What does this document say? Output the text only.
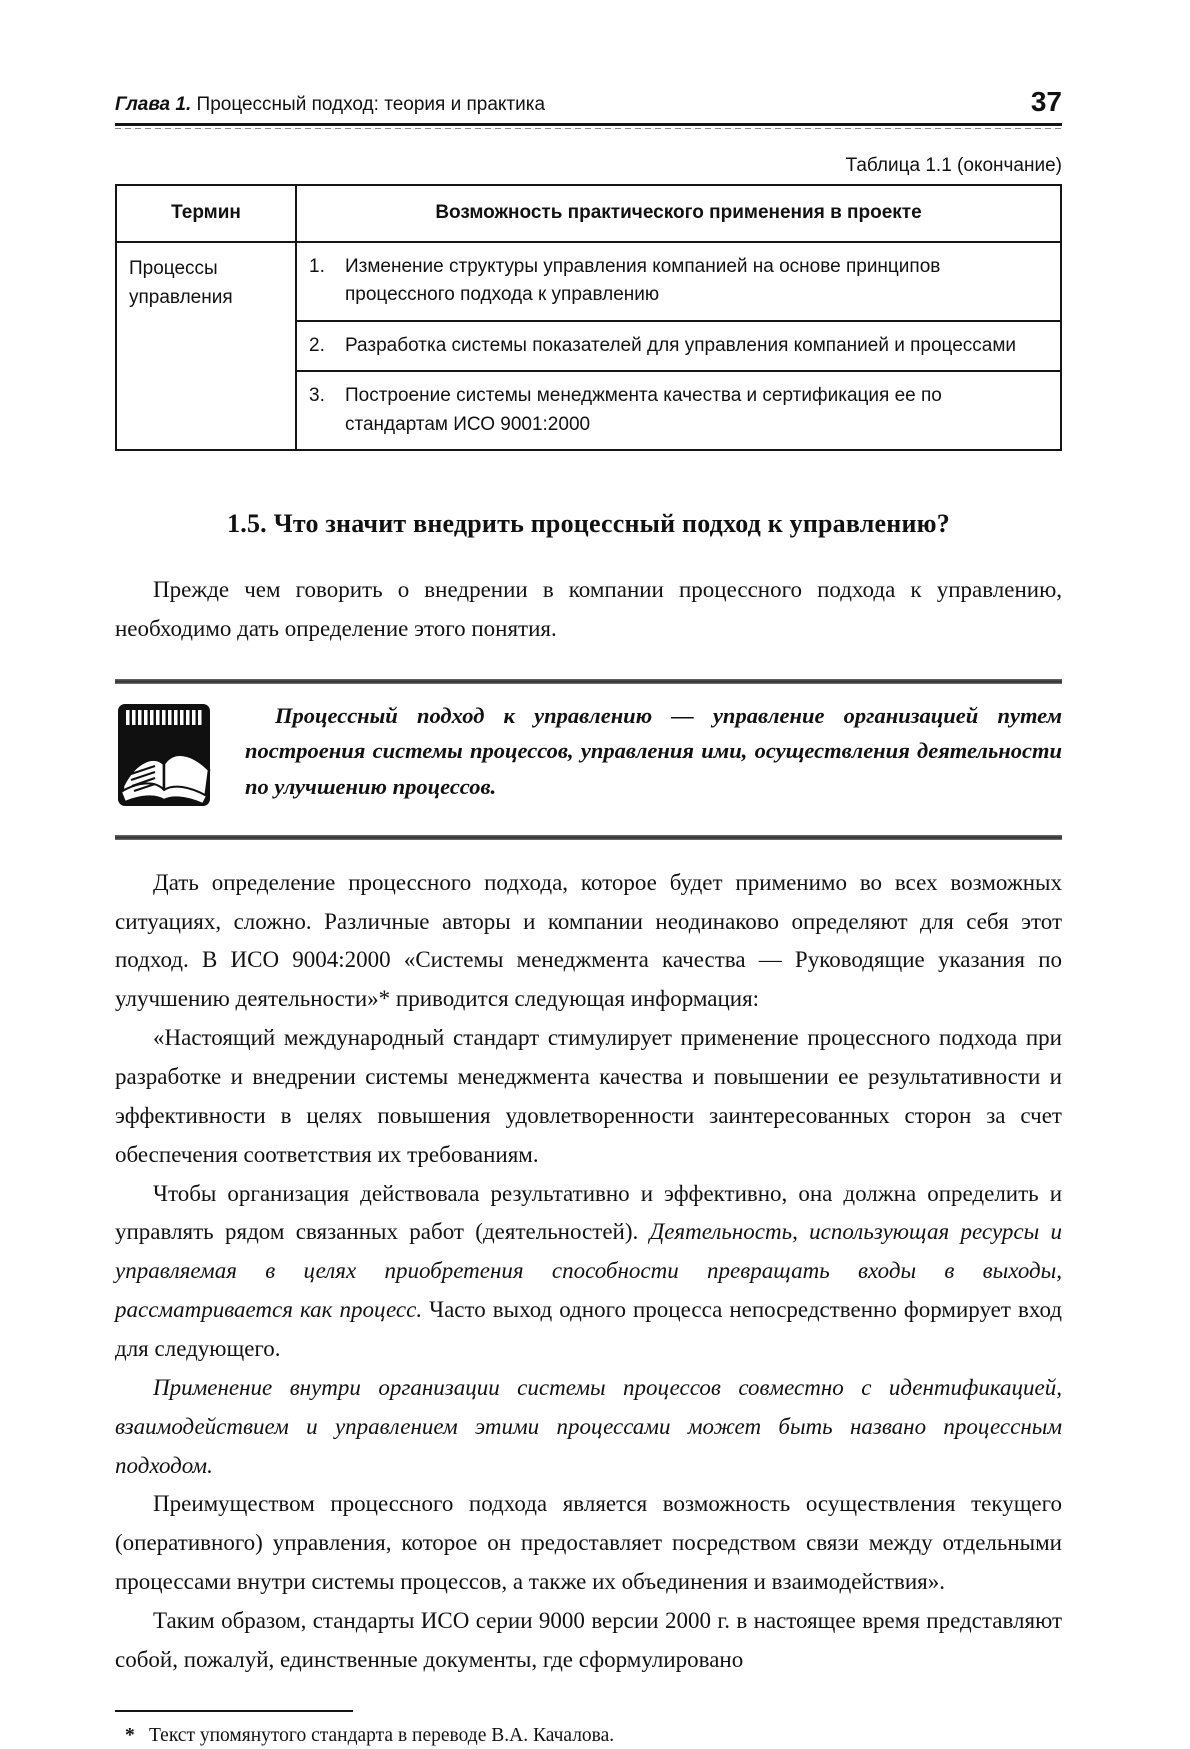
Глава 1. Процессный подход: теория и практика	37
Таблица 1.1 (окончание)
Термин	Возможность практического применения в проекте
Процессы управления	1. Изменение структуры управления компанией на основе принципов процессного подхода к управлению

	2. Разработка системы показателей для управления компанией и процессами

	3. Построение системы менеджмента качества и сертификация ее по стандартам ИСО 9001:2000
1.5. Что значит внедрить процессный подход к управлению?

Прежде чем говорить о внедрении в компании процессного подхода к управлению, необходимо дать определение этого понятия.

Процессный подход к управлению — управление организацией путем построения системы процессов, управления ими, осуществления деятельности по улучшению процессов.

Дать определение процессного подхода, которое будет применимо во всех возможных ситуациях, сложно. Различные авторы и компании неодинаково определяют для себя этот подход. В ИСО 9004:2000 «Системы менеджмента качества — Руководящие указания по улучшению деятельности»* приводится следующая информация:

«Настоящий международный стандарт стимулирует применение процессного подхода при разработке и внедрении системы менеджмента качества и повышении ее результативности и эффективности в целях повышения удовлетворенности заинтересованных сторон за счет обеспечения соответствия их требованиям.

Чтобы организация действовала результативно и эффективно, она должна определить и управлять рядом связанных работ (деятельностей). Деятельность, использующая ресурсы и управляемая в целях приобретения способности превращать входы в выходы, рассматривается как процесс. Часто выход одного процесса непосредственно формирует вход для следующего.

Применение внутри организации системы процессов совместно с идентификацией, взаимодействием и управлением этими процессами может быть названо процессным подходом.

Преимуществом процессного подхода является возможность осуществления текущего (оперативного) управления, которое он предоставляет посредством связи между отдельными процессами внутри системы процессов, а также их объединения и взаимодействия».

Таким образом, стандарты ИСО серии 9000 версии 2000 г. в настоящее время представляют собой, пожалуй, единственные документы, где сформулировано

* Текст упомянутого стандарта в переводе В.А. Качалова.
